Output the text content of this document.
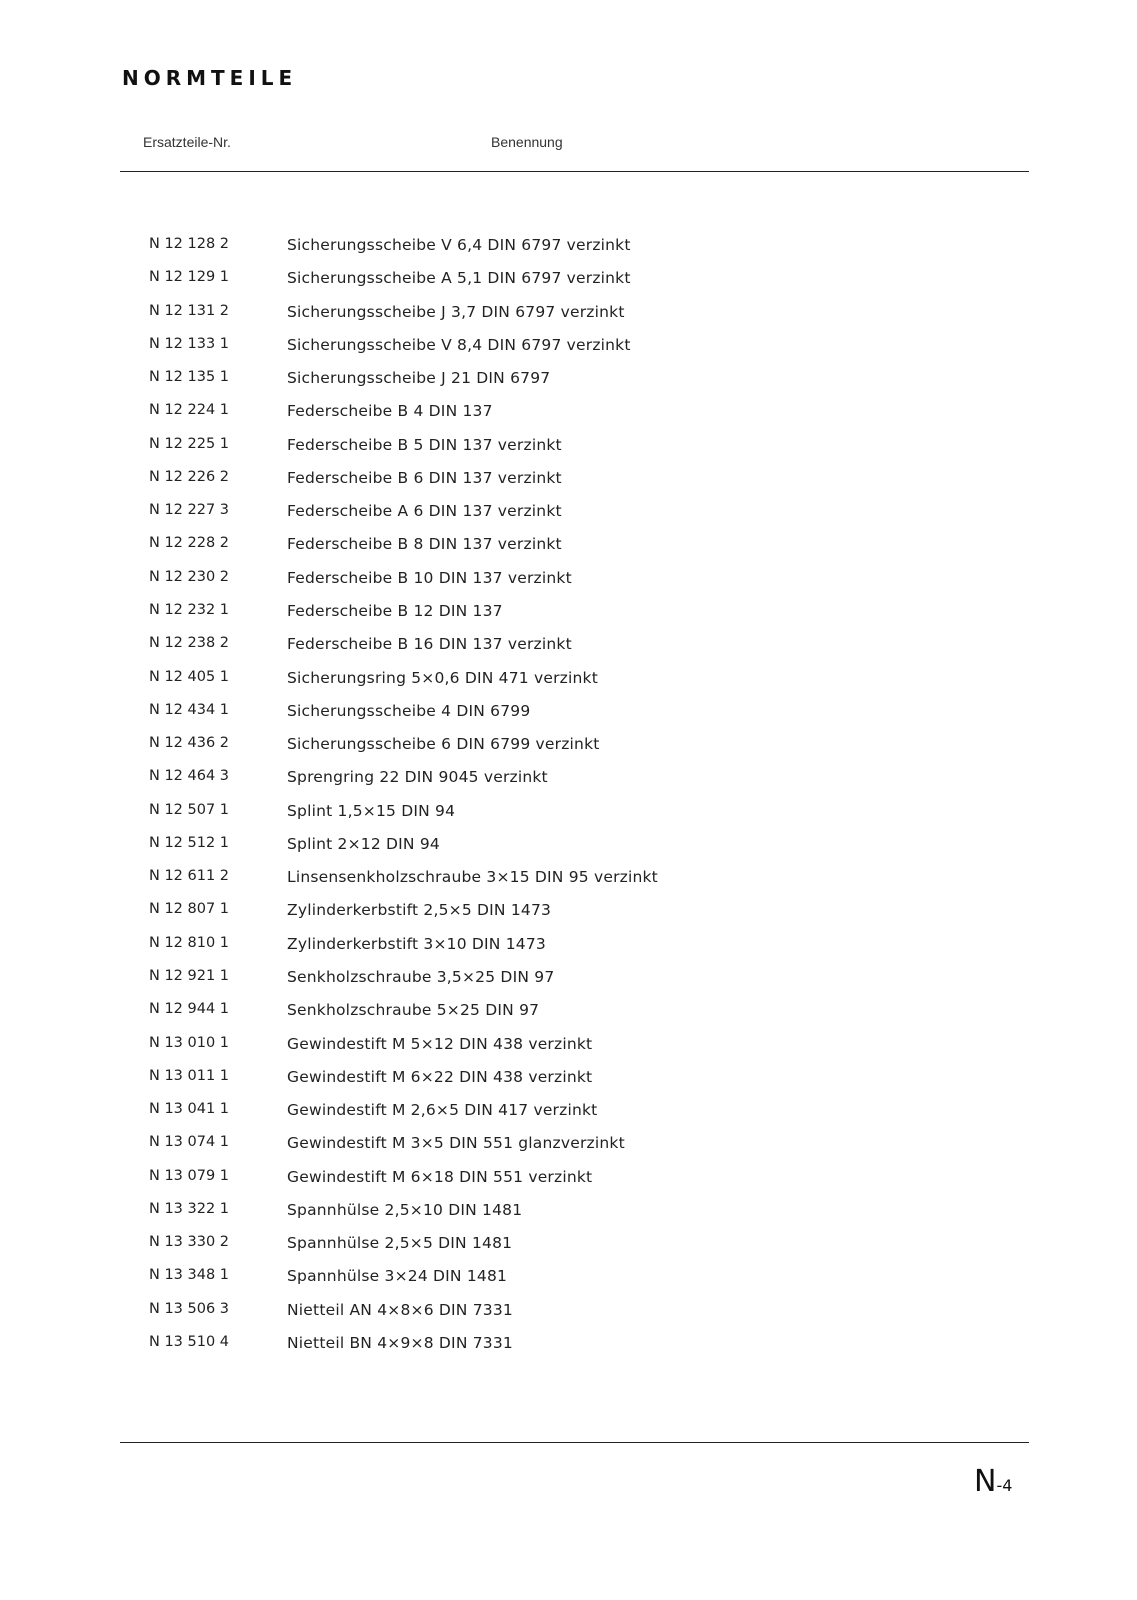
NORMTEILE
Ersatzteile-Nr.	Benennung
N 12 128 2	Sicherungsscheibe V 6,4 DIN 6797 verzinkt
N 12 129 1	Sicherungsscheibe A 5,1 DIN 6797 verzinkt
N 12 131 2	Sicherungsscheibe J 3,7 DIN 6797 verzinkt
N 12 133 1	Sicherungsscheibe V 8,4 DIN 6797 verzinkt
N 12 135 1	Sicherungsscheibe J 21 DIN 6797
N 12 224 1	Federscheibe B 4 DIN 137
N 12 225 1	Federscheibe B 5 DIN 137 verzinkt
N 12 226 2	Federscheibe B 6 DIN 137 verzinkt
N 12 227 3	Federscheibe A 6 DIN 137 verzinkt
N 12 228 2	Federscheibe B 8 DIN 137 verzinkt
N 12 230 2	Federscheibe B 10 DIN 137 verzinkt
N 12 232 1	Federscheibe B 12 DIN 137
N 12 238 2	Federscheibe B 16 DIN 137 verzinkt
N 12 405 1	Sicherungsring 5×0,6 DIN 471 verzinkt
N 12 434 1	Sicherungsscheibe 4 DIN 6799
N 12 436 2	Sicherungsscheibe 6 DIN 6799 verzinkt
N 12 464 3	Sprengring 22 DIN 9045 verzinkt
N 12 507 1	Splint 1,5×15 DIN 94
N 12 512 1	Splint 2×12 DIN 94
N 12 611 2	Linsensenkholzschraube 3×15 DIN 95 verzinkt
N 12 807 1	Zylinderkerbstift 2,5×5 DIN 1473
N 12 810 1	Zylinderkerbstift 3×10 DIN 1473
N 12 921 1	Senkholzschraube 3,5×25 DIN 97
N 12 944 1	Senkholzschraube 5×25 DIN 97
N 13 010 1	Gewindestift M 5×12 DIN 438 verzinkt
N 13 011 1	Gewindestift M 6×22 DIN 438 verzinkt
N 13 041 1	Gewindestift M 2,6×5 DIN 417 verzinkt
N 13 074 1	Gewindestift M 3×5 DIN 551 glanzverzinkt
N 13 079 1	Gewindestift M 6×18 DIN 551 verzinkt
N 13 322 1	Spannhülse 2,5×10 DIN 1481
N 13 330 2	Spannhülse 2,5×5 DIN 1481
N 13 348 1	Spannhülse 3×24 DIN 1481
N 13 506 3	Nietteil AN 4×8×6 DIN 7331
N 13 510 4	Nietteil BN 4×9×8 DIN 7331
N-4
